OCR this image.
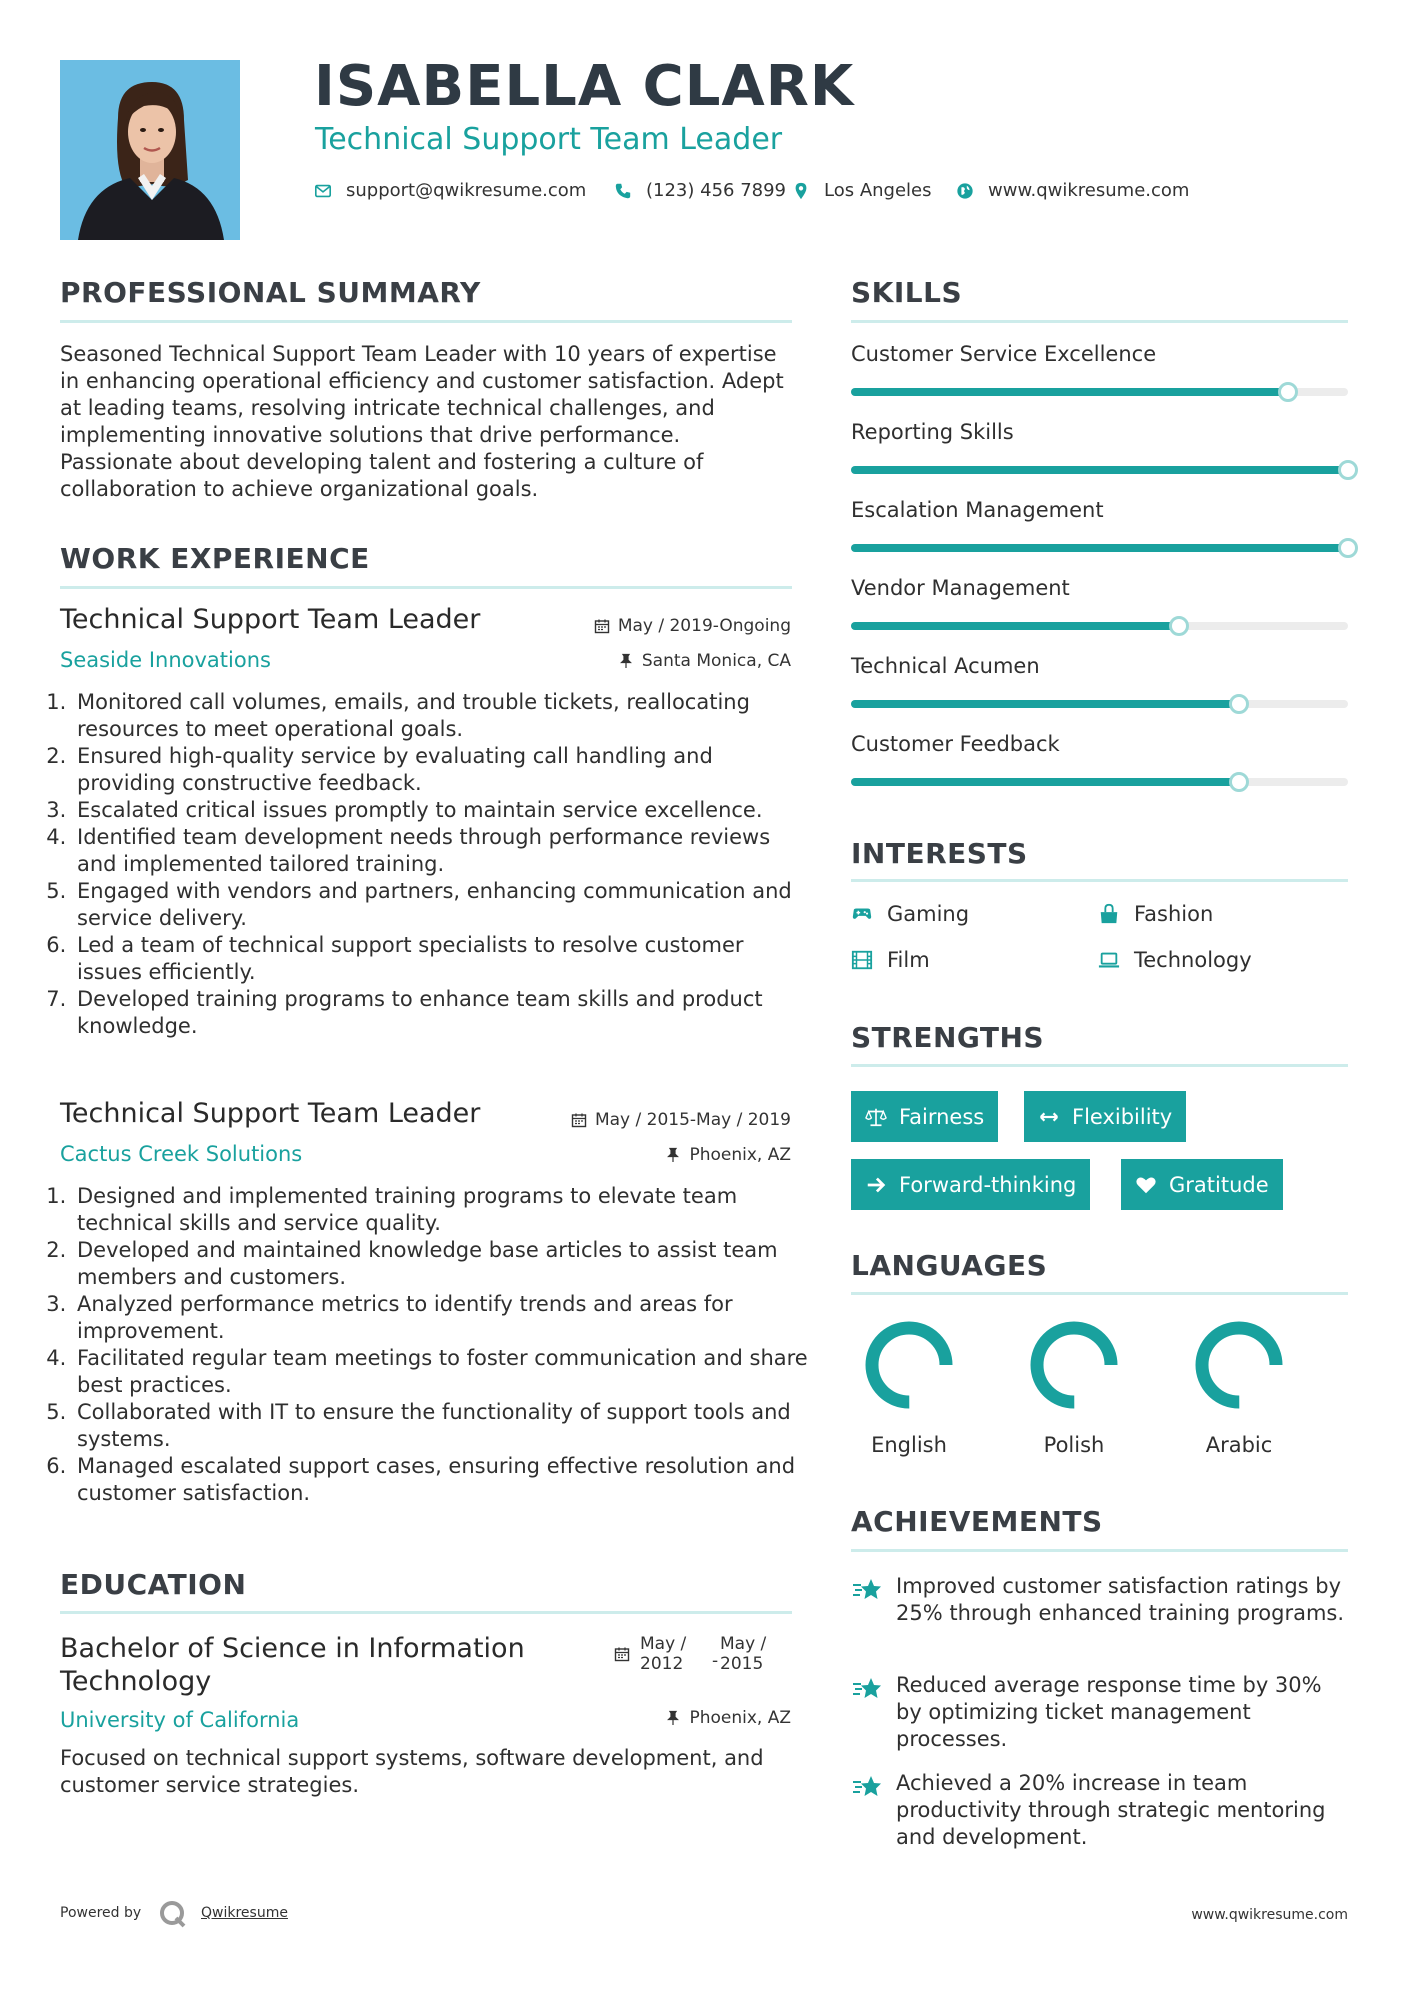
ISABELLA CLARK
Technical Support Team Leader
support@qwikresume.com	(123) 456 7899 Los Angeles	www.qwikresume.com
PROFESSIONAL SUMMARY
Seasoned Technical Support Team Leader with 10 years of expertise in enhancing operational efficiency and customer satisfaction. Adept at leading teams, resolving intricate technical challenges, and implementing innovative solutions that drive performance. Passionate about developing talent and fostering a culture of collaboration to achieve organizational goals.
WORK EXPERIENCE
Technical Support Team Leader
Seaside Innovations
May / 2019-Ongoing
Santa Monica, CA
1. Monitored call volumes, emails, and trouble tickets, reallocating resources to meet operational goals.
2. Ensured high-quality service by evaluating call handling and providing constructive feedback.
3. Escalated critical issues promptly to maintain service excellence.
4. Identified team development needs through performance reviews and implemented tailored training.
5. Engaged with vendors and partners, enhancing communication and service delivery.
6. Led a team of technical support specialists to resolve customer issues efficiently.
7. Developed training programs to enhance team skills and product knowledge.
Technical Support Team Leader
Cactus Creek Solutions
May / 2015-May / 2019
Phoenix, AZ
1. Designed and implemented training programs to elevate team technical skills and service quality.
2. Developed and maintained knowledge base articles to assist team members and customers.
3. Analyzed performance metrics to identify trends and areas for improvement.
4. Facilitated regular team meetings to foster communication and share best practices.
5. Collaborated with IT to ensure the functionality of support tools and systems.
6. Managed escalated support cases, ensuring effective resolution and customer satisfaction.
EDUCATION
Bachelor of Science in Information Technology
May / 2012	-
May / 2015
University of California	Phoenix, AZ
Focused on technical support systems, software development, and customer service strategies.
SKILLS
Customer Service Excellence
Reporting Skills
Escalation Management
Vendor Management
Technical Acumen
Customer Feedback
INTERESTS
Gaming	Fashion
Film	Technology
STRENGTHS
Fairness	Flexibility
Forward-thinking	Gratitude
LANGUAGES
English	Polish	Arabic
ACHIEVEMENTS
Improved customer satisfaction ratings by 25% through enhanced training programs.
Reduced average response time by 30% by optimizing ticket management processes.
Achieved a 20% increase in team productivity through strategic mentoring and development.
Powered by	Qwikresume	www.qwikresume.com
